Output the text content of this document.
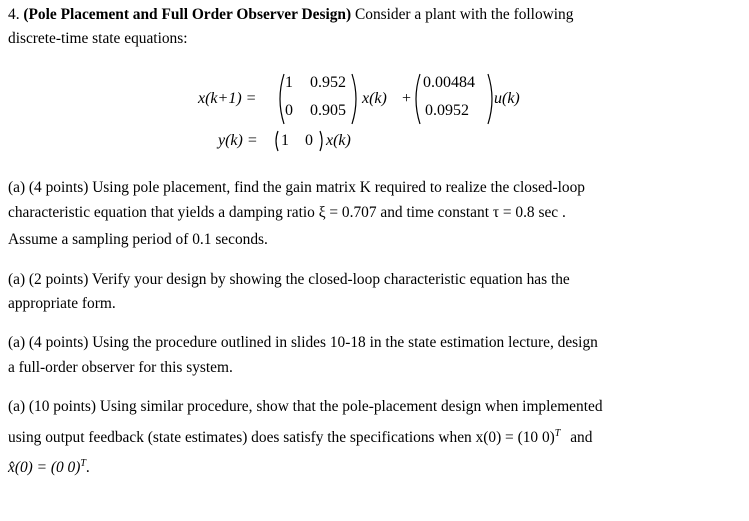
4. (Pole Placement and Full Order Observer Design) Consider a plant with the following
discrete-time state equations:
x(k+1) =
1 0.952
0 0.905
x(k) +
0.00484
0.0952
u(k)
y(k) = 1 0 x(k)
(a) (4 points) Using pole placement, find the gain matrix K required to realize the closed-loop
characteristic equation that yields a damping ratio ξ = 0.707 and time constant τ = 0.8 sec .
Assume a sampling period of 0.1 seconds.
(a) (2 points) Verify your design by showing the closed-loop characteristic equation has the
appropriate form.
(a) (4 points) Using the procedure outlined in slides 10-18 in the state estimation lecture, design
a full-order observer for this system.
(a) (10 points) Using similar procedure, show that the pole-placement design when implemented
using output feedback (state estimates) does satisfy the specifications when x(0) = (10 0)$^T$ and
x̂(0) = (0 0)$^T$.
